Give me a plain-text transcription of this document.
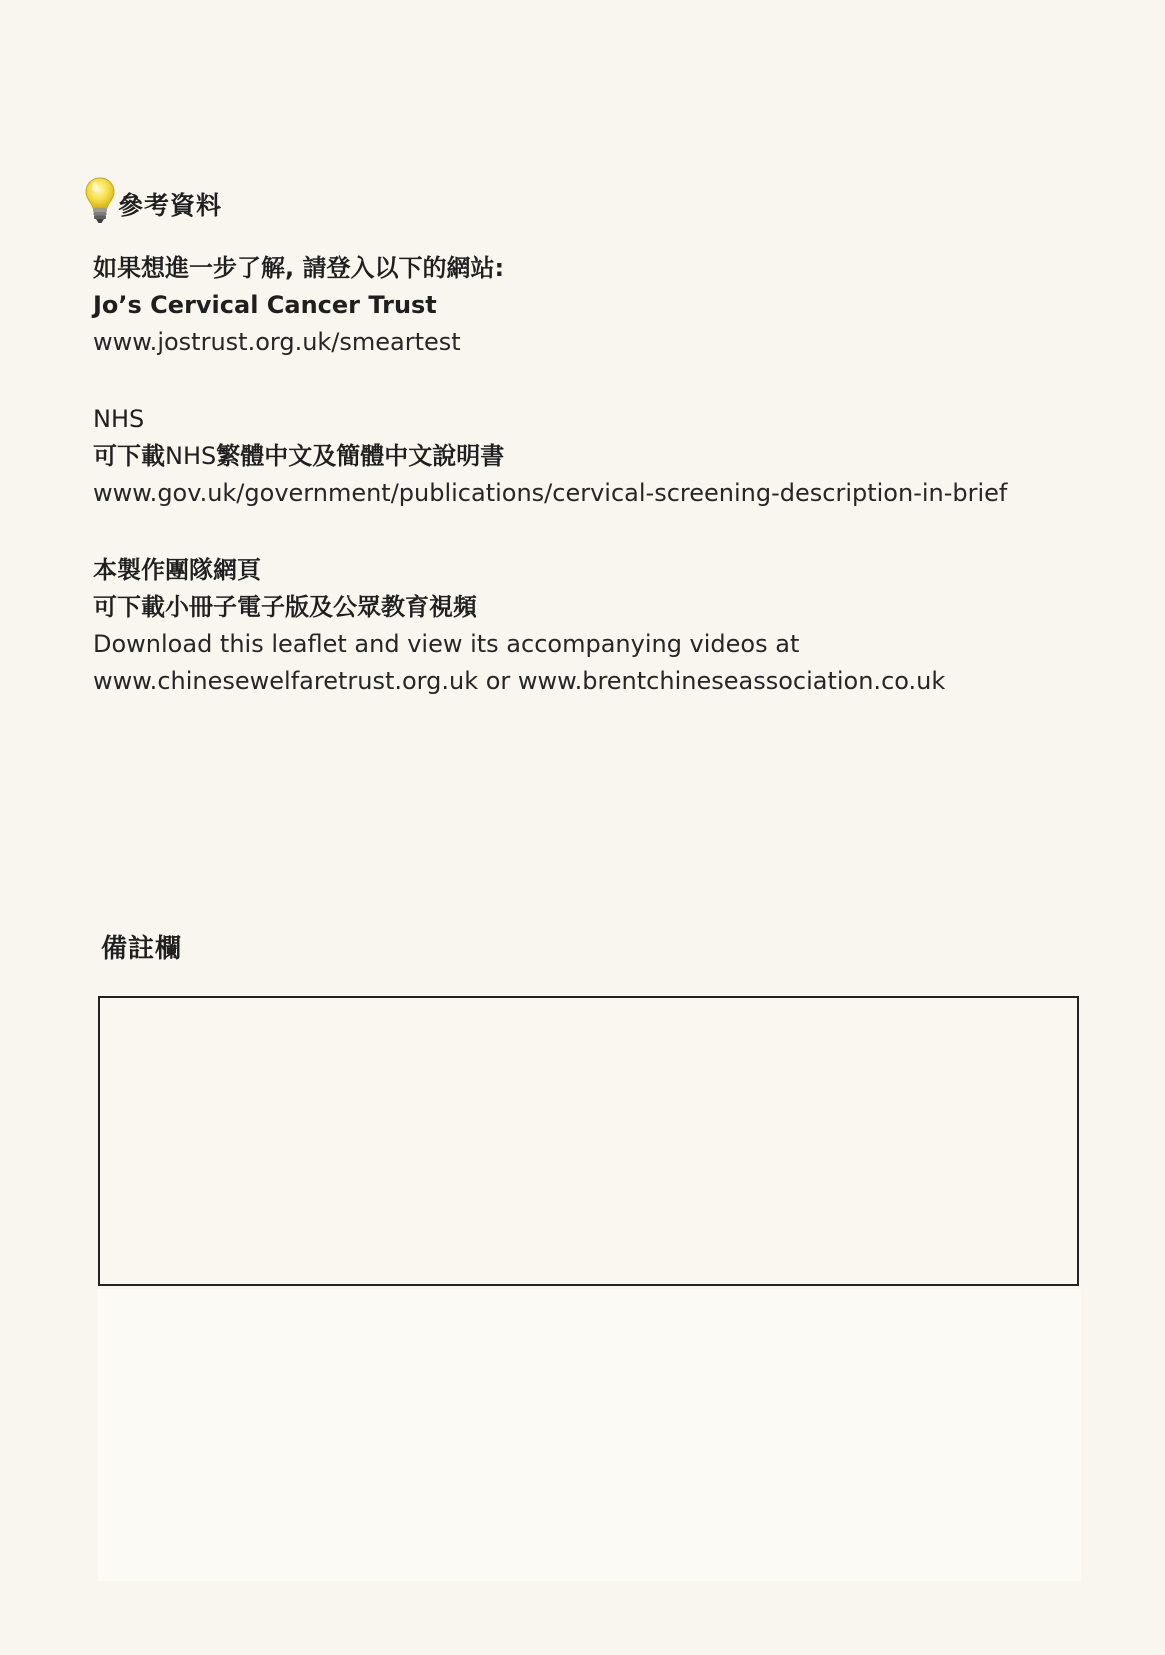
參考資料
如果想進一步了解, 請登入以下的網站:
Jo’s Cervical Cancer Trust
www.jostrust.org.uk/smeartest
NHS
可下載NHS繁體中文及簡體中文說明書
www.gov.uk/government/publications/cervical-screening-description-in-brief
本製作團隊網頁
可下載小冊子電子版及公眾教育視頻
Download this leaflet and view its accompanying videos at
www.chinesewelfaretrust.org.uk or www.brentchineseassociation.co.uk
備註欄
